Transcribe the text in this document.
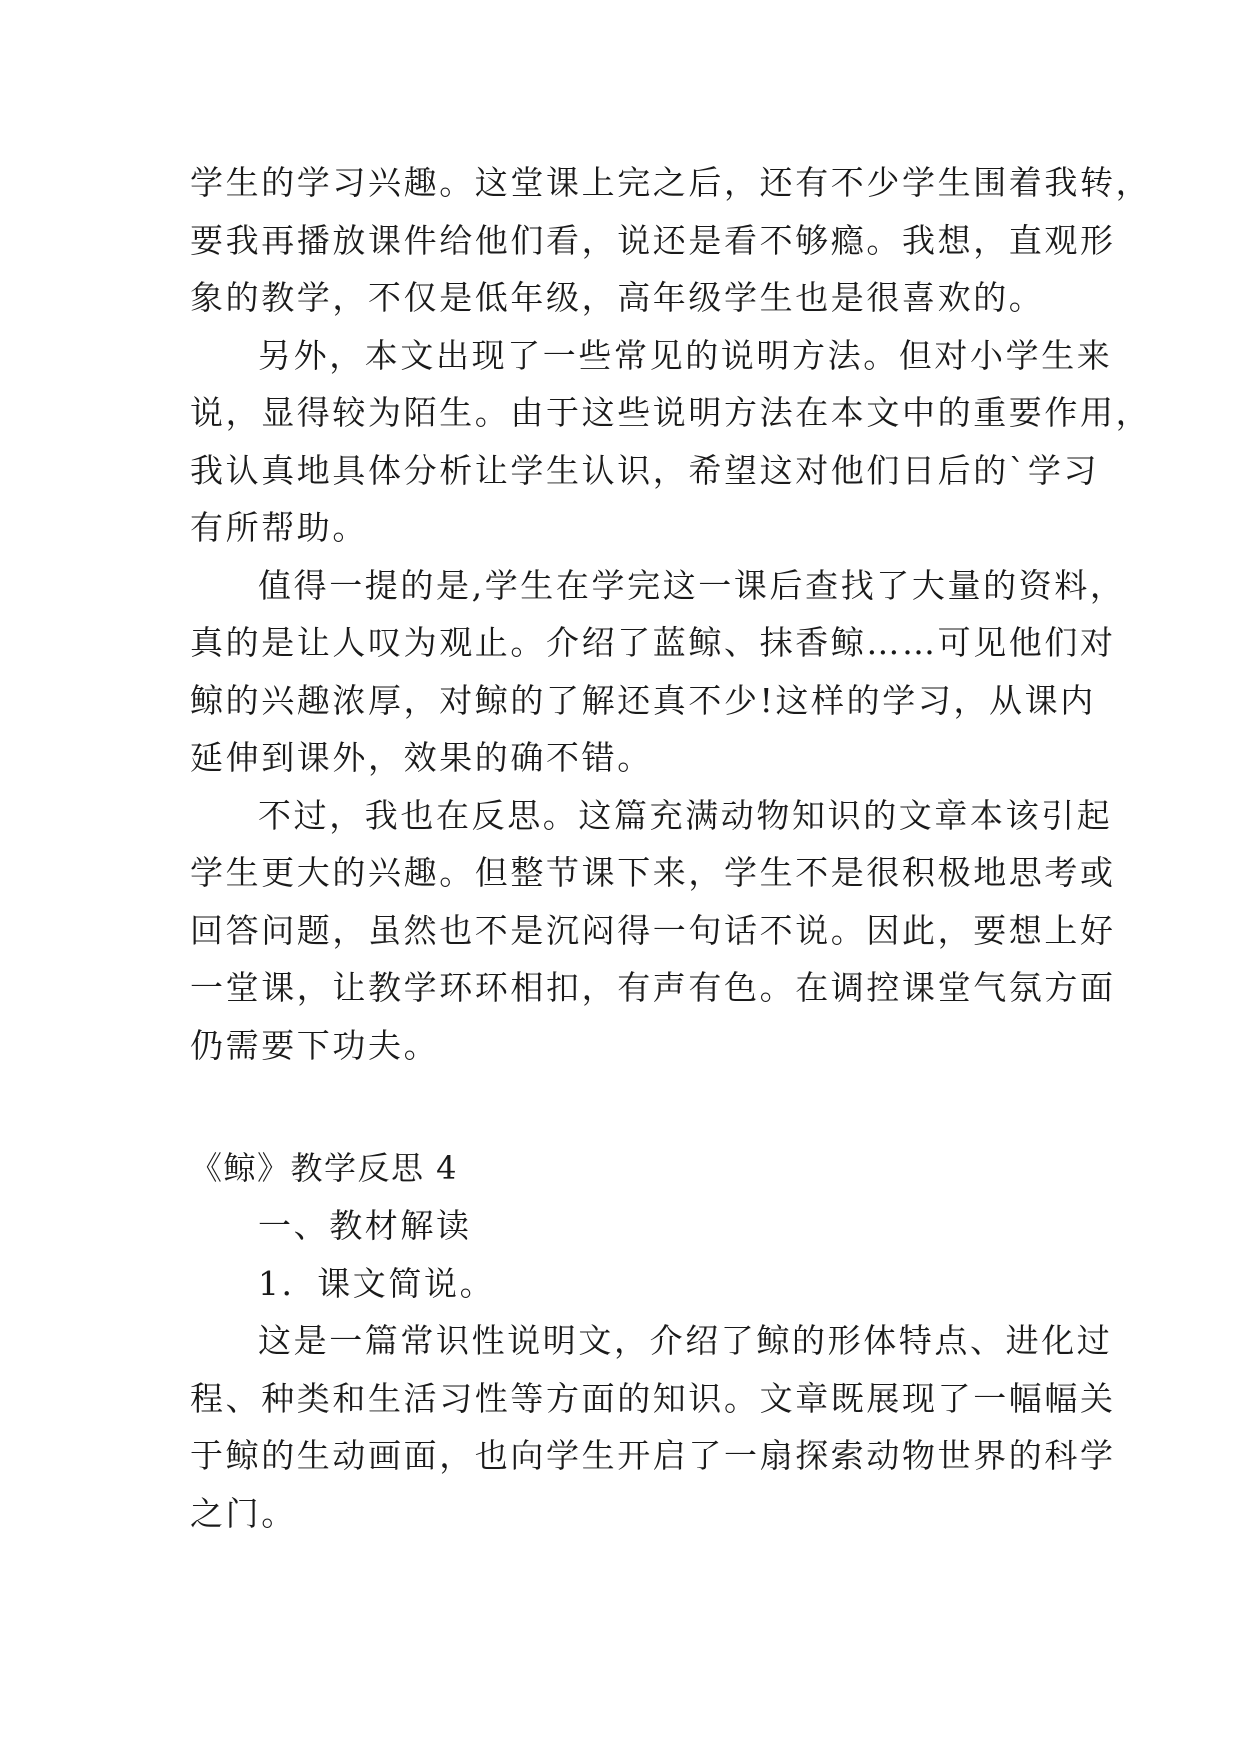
学生的学习兴趣。这堂课上完之后，还有不少学生围着我转，
要我再播放课件给他们看，说还是看不够瘾。我想，直观形
象的教学，不仅是低年级，高年级学生也是很喜欢的。
另外，本文出现了一些常见的说明方法。但对小学生来
说，显得较为陌生。由于这些说明方法在本文中的重要作用，
我认真地具体分析让学生认识，希望这对他们日后的`学习
有所帮助。
值得一提的是,学生在学完这一课后查找了大量的资料，
真的是让人叹为观止。介绍了蓝鲸、抹香鲸……可见他们对
鲸的兴趣浓厚，对鲸的了解还真不少!这样的学习，从课内
延伸到课外，效果的确不错。
不过，我也在反思。这篇充满动物知识的文章本该引起
学生更大的兴趣。但整节课下来，学生不是很积极地思考或
回答问题，虽然也不是沉闷得一句话不说。因此，要想上好
一堂课，让教学环环相扣，有声有色。在调控课堂气氛方面
仍需要下功夫。
《鲸》教学反思 4
一、教材解读
1．课文简说。
这是一篇常识性说明文，介绍了鲸的形体特点、进化过
程、种类和生活习性等方面的知识。文章既展现了一幅幅关
于鲸的生动画面，也向学生开启了一扇探索动物世界的科学
之门。
